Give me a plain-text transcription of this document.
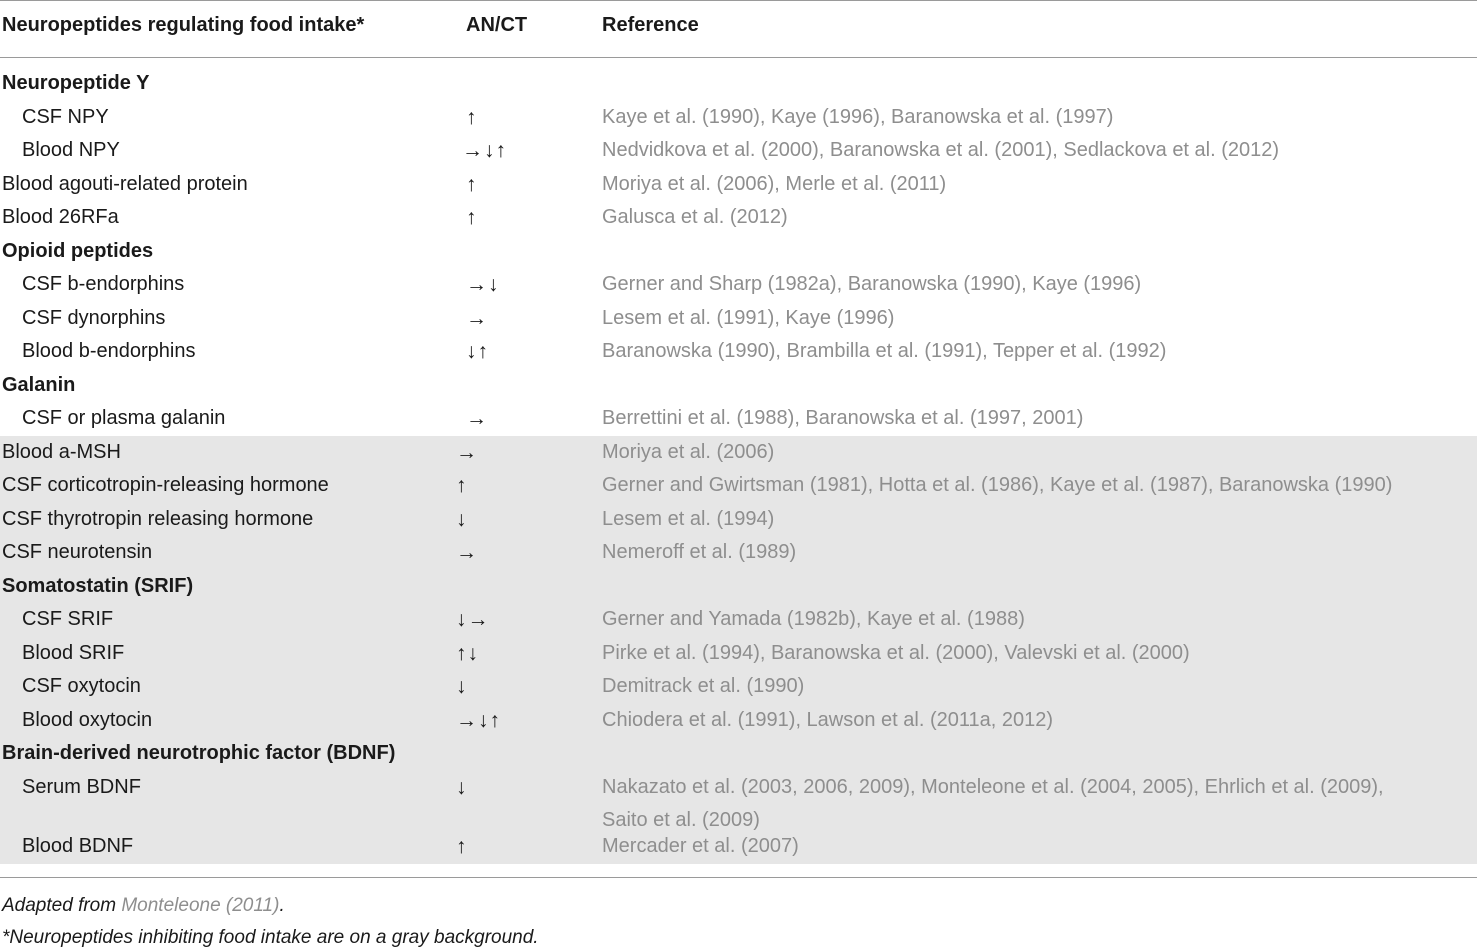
Neuropeptides regulating food intake*	AN/CT	Reference
Neuropeptide Y
CSF NPY	↑	Kaye et al. (1990), Kaye (1996), Baranowska et al. (1997)
Blood NPY	→↓↑	Nedvidkova et al. (2000), Baranowska et al. (2001), Sedlackova et al. (2012)
Blood agouti-related protein	↑	Moriya et al. (2006), Merle et al. (2011)
Blood 26RFa	↑	Galusca et al. (2012)
Opioid peptides
CSF b-endorphins	→↓	Gerner and Sharp (1982a), Baranowska (1990), Kaye (1996)
CSF dynorphins	→	Lesem et al. (1991), Kaye (1996)
Blood b-endorphins	↓↑	Baranowska (1990), Brambilla et al. (1991), Tepper et al. (1992)
Galanin
CSF or plasma galanin	→	Berrettini et al. (1988), Baranowska et al. (1997, 2001)
Blood a-MSH	→	Moriya et al. (2006)
CSF corticotropin-releasing hormone	↑	Gerner and Gwirtsman (1981), Hotta et al. (1986), Kaye et al. (1987), Baranowska (1990)
CSF thyrotropin releasing hormone	↓	Lesem et al. (1994)
CSF neurotensin	→	Nemeroff et al. (1989)
Somatostatin (SRIF)
CSF SRIF	↓→	Gerner and Yamada (1982b), Kaye et al. (1988)
Blood SRIF	↑↓	Pirke et al. (1994), Baranowska et al. (2000), Valevski et al. (2000)
CSF oxytocin	↓	Demitrack et al. (1990)
Blood oxytocin	→↓↑	Chiodera et al. (1991), Lawson et al. (2011a, 2012)
Brain-derived neurotrophic factor (BDNF)
Serum BDNF	↓	Nakazato et al. (2003, 2006, 2009), Monteleone et al. (2004, 2005), Ehrlich et al. (2009),
Saito et al. (2009)
Blood BDNF	↑	Mercader et al. (2007)
Adapted from Monteleone (2011).
*Neuropeptides inhibiting food intake are on a gray background.
